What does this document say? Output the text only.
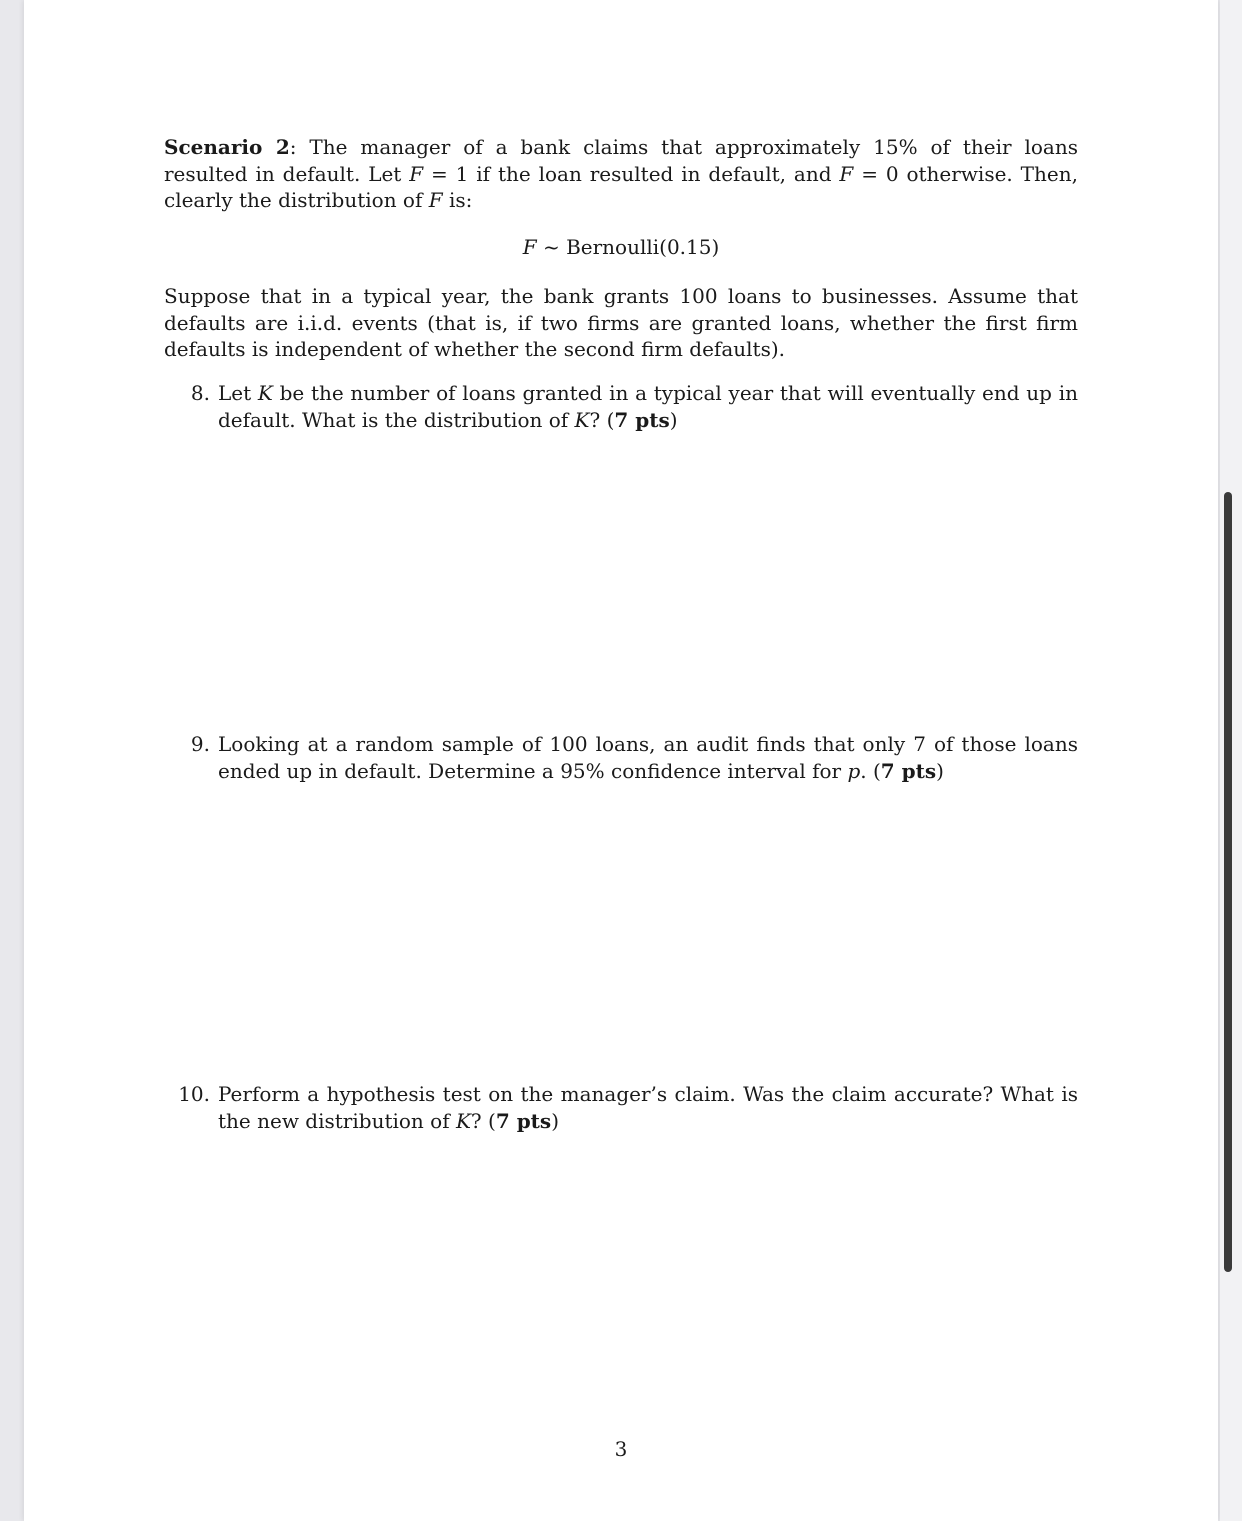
Scenario 2: The manager of a bank claims that approximately 15% of their loans resulted in default. Let F = 1 if the loan resulted in default, and F = 0 otherwise. Then, clearly the distribution of F is:
F ~ Bernoulli(0.15)
Suppose that in a typical year, the bank grants 100 loans to businesses. Assume that defaults are i.i.d. events (that is, if two firms are granted loans, whether the first firm defaults is independent of whether the second firm defaults).
8. Let K be the number of loans granted in a typical year that will eventually end up in default. What is the distribution of K? (7 pts)
9. Looking at a random sample of 100 loans, an audit finds that only 7 of those loans ended up in default. Determine a 95% confidence interval for p. (7 pts)
10. Perform a hypothesis test on the manager’s claim. Was the claim accurate? What is the new distribution of K? (7 pts)
3
